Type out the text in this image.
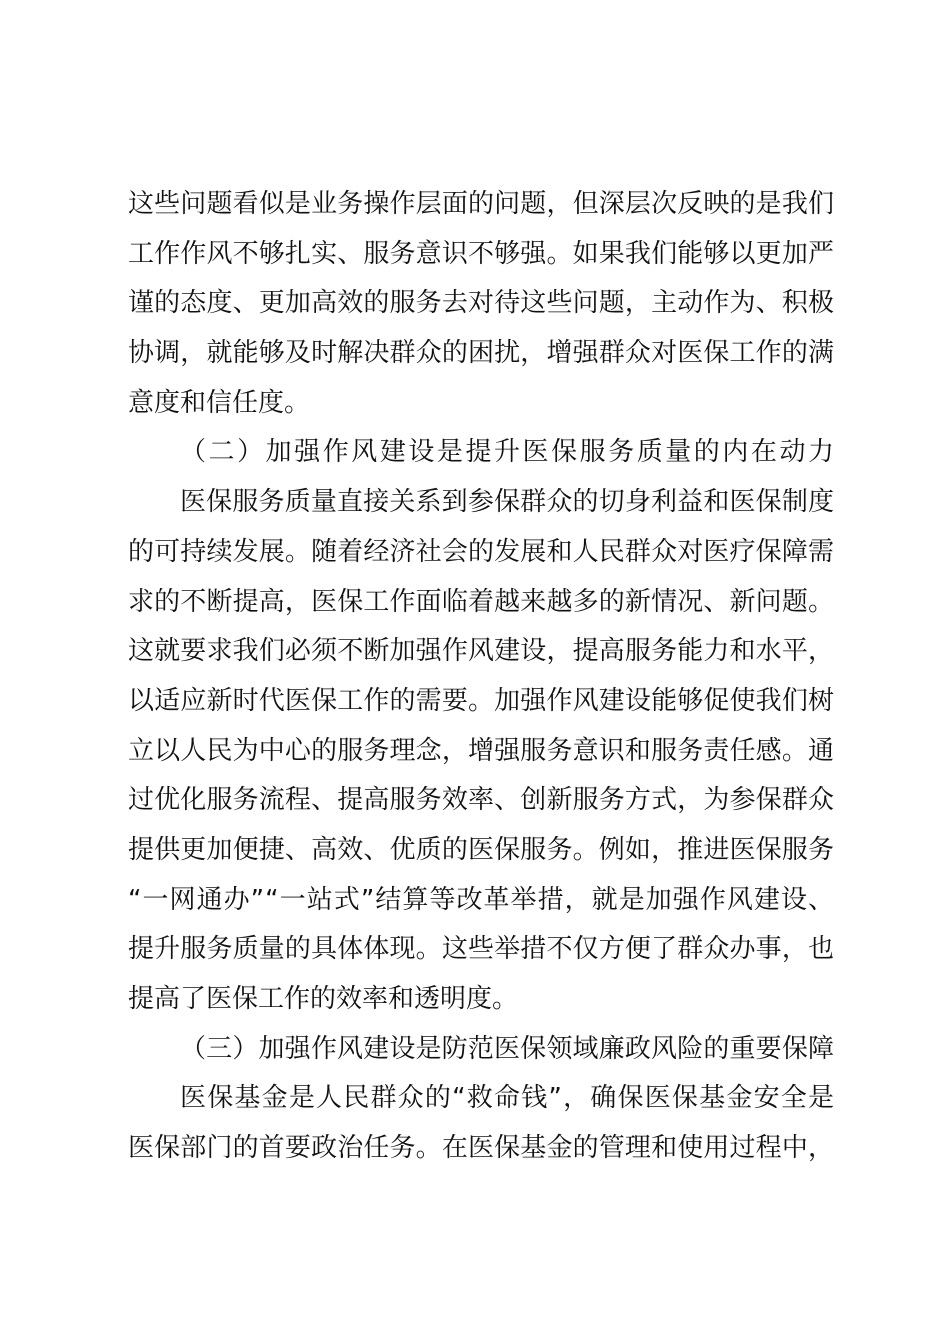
这些问题看似是业务操作层面的问题，但深层次反映的是我们
工作作风不够扎实、服务意识不够强。如果我们能够以更加严
谨的态度、更加高效的服务去对待这些问题，主动作为、积极
协调，就能够及时解决群众的困扰，增强群众对医保工作的满
意度和信任度。
（二）加强作风建设是提升医保服务质量的内在动力
医保服务质量直接关系到参保群众的切身利益和医保制度
的可持续发展。随着经济社会的发展和人民群众对医疗保障需
求的不断提高，医保工作面临着越来越多的新情况、新问题。
这就要求我们必须不断加强作风建设，提高服务能力和水平，
以适应新时代医保工作的需要。加强作风建设能够促使我们树
立以人民为中心的服务理念，增强服务意识和服务责任感。通
过优化服务流程、提高服务效率、创新服务方式，为参保群众
提供更加便捷、高效、优质的医保服务。例如，推进医保服务
“一网通办”“一站式”结算等改革举措，就是加强作风建设、
提升服务质量的具体体现。这些举措不仅方便了群众办事，也
提高了医保工作的效率和透明度。
（三）加强作风建设是防范医保领域廉政风险的重要保障
医保基金是人民群众的“救命钱”，确保医保基金安全是
医保部门的首要政治任务。在医保基金的管理和使用过程中，
